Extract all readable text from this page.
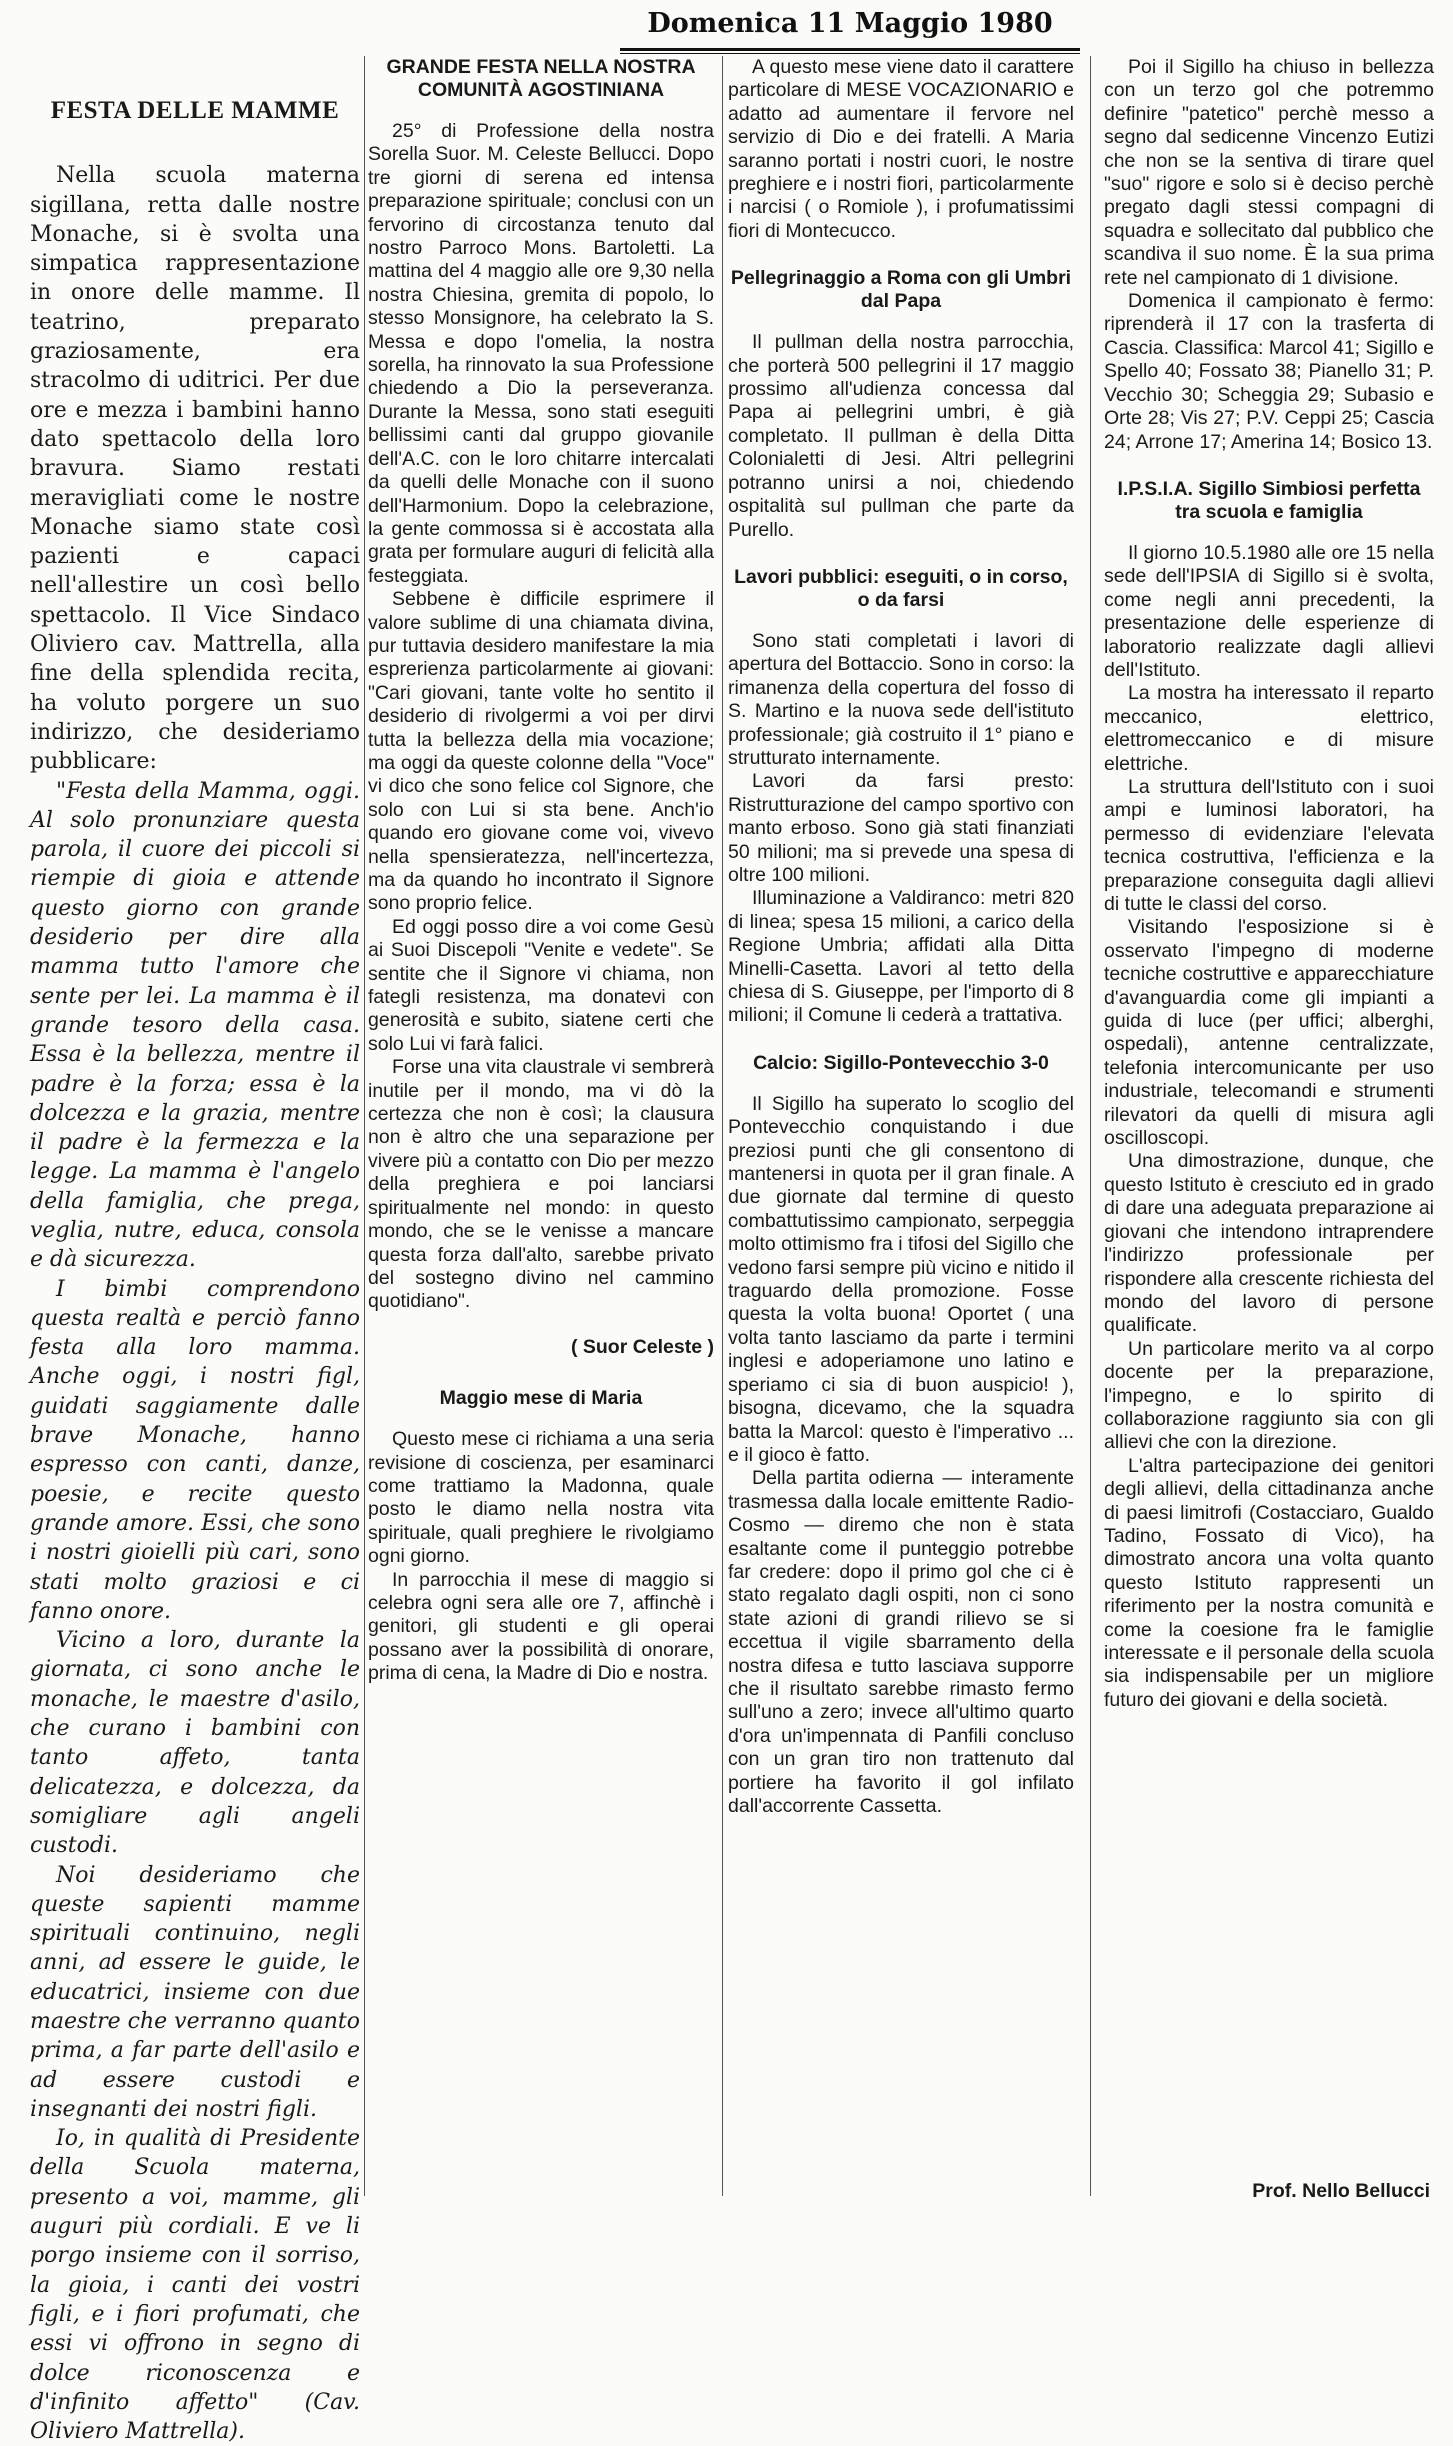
Domenica 11 Maggio 1980
FESTA DELLE MAMME

Nella scuola materna sigillana, retta dalle nostre Monache, si è svolta una simpatica rappresentazione in onore delle mamme. Il teatrino, preparato graziosamente, era stracolmo di uditrici. Per due ore e mezza i bambini hanno dato spettacolo della loro bravura. Siamo restati meravigliati come le nostre Monache siamo state così pazienti e capaci nell'allestire un così bello spettacolo. Il Vice Sindaco Oliviero cav. Mattrella, alla fine della splendida recita, ha voluto porgere un suo indirizzo, che desideriamo pubblicare:

"Festa della Mamma, oggi. Al solo pronunziare questa parola, il cuore dei piccoli si riempie di gioia e attende questo giorno con grande desiderio per dire alla mamma tutto l'amore che sente per lei. La mamma è il grande tesoro della casa. Essa è la bellezza, mentre il padre è la forza; essa è la dolcezza e la grazia, mentre il padre è la fermezza e la legge. La mamma è l'angelo della famiglia, che prega, veglia, nutre, educa, consola e dà sicurezza.

I bimbi comprendono questa realtà e perciò fanno festa alla loro mamma. Anche oggi, i nostri figl, guidati saggiamente dalle brave Monache, hanno espresso con canti, danze, poesie, e recite questo grande amore. Essi, che sono i nostri gioielli più cari, sono stati molto graziosi e ci fanno onore.

Vicino a loro, durante la giornata, ci sono anche le monache, le maestre d'asilo, che curano i bambini con tanto affeto, tanta delicatezza, e dolcezza, da somigliare agli angeli custodi.

Noi desideriamo che queste sapienti mamme spirituali continuino, negli anni, ad essere le guide, le educatrici, insieme con due maestre che verranno quanto prima, a far parte dell'asilo e ad essere custodi e insegnanti dei nostri figli.

Io, in qualità di Presidente della Scuola materna, presento a voi, mamme, gli auguri più cordiali. E ve li porgo insieme con il sorriso, la gioia, i canti dei vostri figli, e i fiori profumati, che essi vi offrono in segno di dolce riconoscenza e d'infinito affetto" (Cav. Oliviero Mattrella).

GRANDE FESTA NELLA NOSTRA COMUNITÀ AGOSTINIANA

25° di Professione della nostra Sorella Suor. M. Celeste Bellucci. Dopo tre giorni di serena ed intensa preparazione spirituale; conclusi con un fervorino di circostanza tenuto dal nostro Parroco Mons. Bartoletti. La mattina del 4 maggio alle ore 9,30 nella nostra Chiesina, gremita di popolo, lo stesso Monsignore, ha celebrato la S. Messa e dopo l'omelia, la nostra sorella, ha rinnovato la sua Professione chiedendo a Dio la perseveranza. Durante la Messa, sono stati eseguiti bellissimi canti dal gruppo giovanile dell'A.C. con le loro chitarre intercalati da quelli delle Monache con il suono dell'Harmonium. Dopo la celebrazione, la gente commossa si è accostata alla grata per formulare auguri di felicità alla festeggiata.

Sebbene è difficile esprimere il valore sublime di una chiamata divina, pur tuttavia desidero manifestare la mia esprerienza particolarmente ai giovani: "Cari giovani, tante volte ho sentito il desiderio di rivolgermi a voi per dirvi tutta la bellezza della mia vocazione; ma oggi da queste colonne della "Voce" vi dico che sono felice col Signore, che solo con Lui si sta bene. Anch'io quando ero giovane come voi, vivevo nella spensieratezza, nell'incertezza, ma da quando ho incontrato il Signore sono proprio felice.

Ed oggi posso dire a voi come Gesù ai Suoi Discepoli "Venite e vedete". Se sentite che il Signore vi chiama, non fategli resistenza, ma donatevi con generosità e subito, siatene certi che solo Lui vi farà falici.

Forse una vita claustrale vi sembrerà inutile per il mondo, ma vi dò la certezza che non è così; la clausura non è altro che una separazione per vivere più a contatto con Dio per mezzo della preghiera e poi lanciarsi spiritualmente nel mondo: in questo mondo, che se le venisse a mancare questa forza dall'alto, sarebbe privato del sostegno divino nel cammino quotidiano".

( Suor Celeste )

Maggio mese di Maria

Questo mese ci richiama a una seria revisione di coscienza, per esaminarci come trattiamo la Madonna, quale posto le diamo nella nostra vita spirituale, quali preghiere le rivolgiamo ogni giorno.

In parrocchia il mese di maggio si celebra ogni sera alle ore 7, affinchè i genitori, gli studenti e gli operai possano aver la possibilità di onorare, prima di cena, la Madre di Dio e nostra.

A questo mese viene dato il carattere particolare di MESE VOCAZIONARIO e adatto ad aumentare il fervore nel servizio di Dio e dei fratelli. A Maria saranno portati i nostri cuori, le nostre preghiere e i nostri fiori, particolarmente i narcisi ( o Romiole ), i profumatissimi fiori di Montecucco.

Pellegrinaggio a Roma con gli Umbri dal Papa

Il pullman della nostra parrocchia, che porterà 500 pellegrini il 17 maggio prossimo all'udienza concessa dal Papa ai pellegrini umbri, è già completato. Il pullman è della Ditta Colonialetti di Jesi. Altri pellegrini potranno unirsi a noi, chiedendo ospitalità sul pullman che parte da Purello.

Lavori pubblici: eseguiti, o in corso, o da farsi

Sono stati completati i lavori di apertura del Bottaccio. Sono in corso: la rimanenza della copertura del fosso di S. Martino e la nuova sede dell'istituto professionale; già costruito il 1° piano e strutturato internamente.

Lavori da farsi presto: Ristrutturazione del campo sportivo con manto erboso. Sono già stati finanziati 50 milioni; ma si prevede una spesa di oltre 100 milioni.

Illuminazione a Valdiranco: metri 820 di linea; spesa 15 milioni, a carico della Regione Umbria; affidati alla Ditta Minelli-Casetta. Lavori al tetto della chiesa di S. Giuseppe, per l'importo di 8 milioni; il Comune li cederà a trattativa.

Calcio: Sigillo-Pontevecchio 3-0

Il Sigillo ha superato lo scoglio del Pontevecchio conquistando i due preziosi punti che gli consentono di mantenersi in quota per il gran finale. A due giornate dal termine di questo combattutissimo campionato, serpeggia molto ottimismo fra i tifosi del Sigillo che vedono farsi sempre più vicino e nitido il traguardo della promozione. Fosse questa la volta buona! Oportet ( una volta tanto lasciamo da parte i termini inglesi e adoperiamone uno latino e speriamo ci sia di buon auspicio! ), bisogna, dicevamo, che la squadra batta la Marcol: questo è l'imperativo ... e il gioco è fatto.

Della partita odierna — interamente trasmessa dalla locale emittente Radio-Cosmo — diremo che non è stata esaltante come il punteggio potrebbe far credere: dopo il primo gol che ci è stato regalato dagli ospiti, non ci sono state azioni di grandi rilievo se si eccettua il vigile sbarramento della nostra difesa e tutto lasciava supporre che il risultato sarebbe rimasto fermo sull'uno a zero; invece all'ultimo quarto d'ora un'impennata di Panfili concluso con un gran tiro non trattenuto dal portiere ha favorito il gol infilato dall'accorrente Cassetta.

Poi il Sigillo ha chiuso in bellezza con un terzo gol che potremmo definire "patetico" perchè messo a segno dal sedicenne Vincenzo Eutizi che non se la sentiva di tirare quel "suo" rigore e solo si è deciso perchè pregato dagli stessi compagni di squadra e sollecitato dal pubblico che scandiva il suo nome. È la sua prima rete nel campionato di 1 divisione.

Domenica il campionato è fermo: riprenderà il 17 con la trasferta di Cascia. Classifica: Marcol 41; Sigillo e Spello 40; Fossato 38; Pianello 31; P. Vecchio 30; Scheggia 29; Subasio e Orte 28; Vis 27; P.V. Ceppi 25; Cascia 24; Arrone 17; Amerina 14; Bosico 13.

I.P.S.I.A. Sigillo Simbiosi perfetta tra scuola e famiglia

Il giorno 10.5.1980 alle ore 15 nella sede dell'IPSIA di Sigillo si è svolta, come negli anni precedenti, la presentazione delle esperienze di laboratorio realizzate dagli allievi dell'Istituto.

La mostra ha interessato il reparto meccanico, elettrico, elettromeccanico e di misure elettriche.

La struttura dell'Istituto con i suoi ampi e luminosi laboratori, ha permesso di evidenziare l'elevata tecnica costruttiva, l'efficienza e la preparazione conseguita dagli allievi di tutte le classi del corso.

Visitando l'esposizione si è osservato l'impegno di moderne tecniche costruttive e apparecchiature d'avanguardia come gli impianti a guida di luce (per uffici; alberghi, ospedali), antenne centralizzate, telefonia intercomunicante per uso industriale, telecomandi e strumenti rilevatori da quelli di misura agli oscilloscopi.

Una dimostrazione, dunque, che questo Istituto è cresciuto ed in grado di dare una adeguata preparazione ai giovani che intendono intraprendere l'indirizzo professionale per rispondere alla crescente richiesta del mondo del lavoro di persone qualificate.

Un particolare merito va al corpo docente per la preparazione, l'impegno, e lo spirito di collaborazione raggiunto sia con gli allievi che con la direzione.

L'altra partecipazione dei genitori degli allievi, della cittadinanza anche di paesi limitrofi (Costacciaro, Gualdo Tadino, Fossato di Vico), ha dimostrato ancora una volta quanto questo Istituto rappresenti un riferimento per la nostra comunità e come la coesione fra le famiglie interessate e il personale della scuola sia indispensabile per un migliore futuro dei giovani e della società.

Prof. Nello Bellucci
